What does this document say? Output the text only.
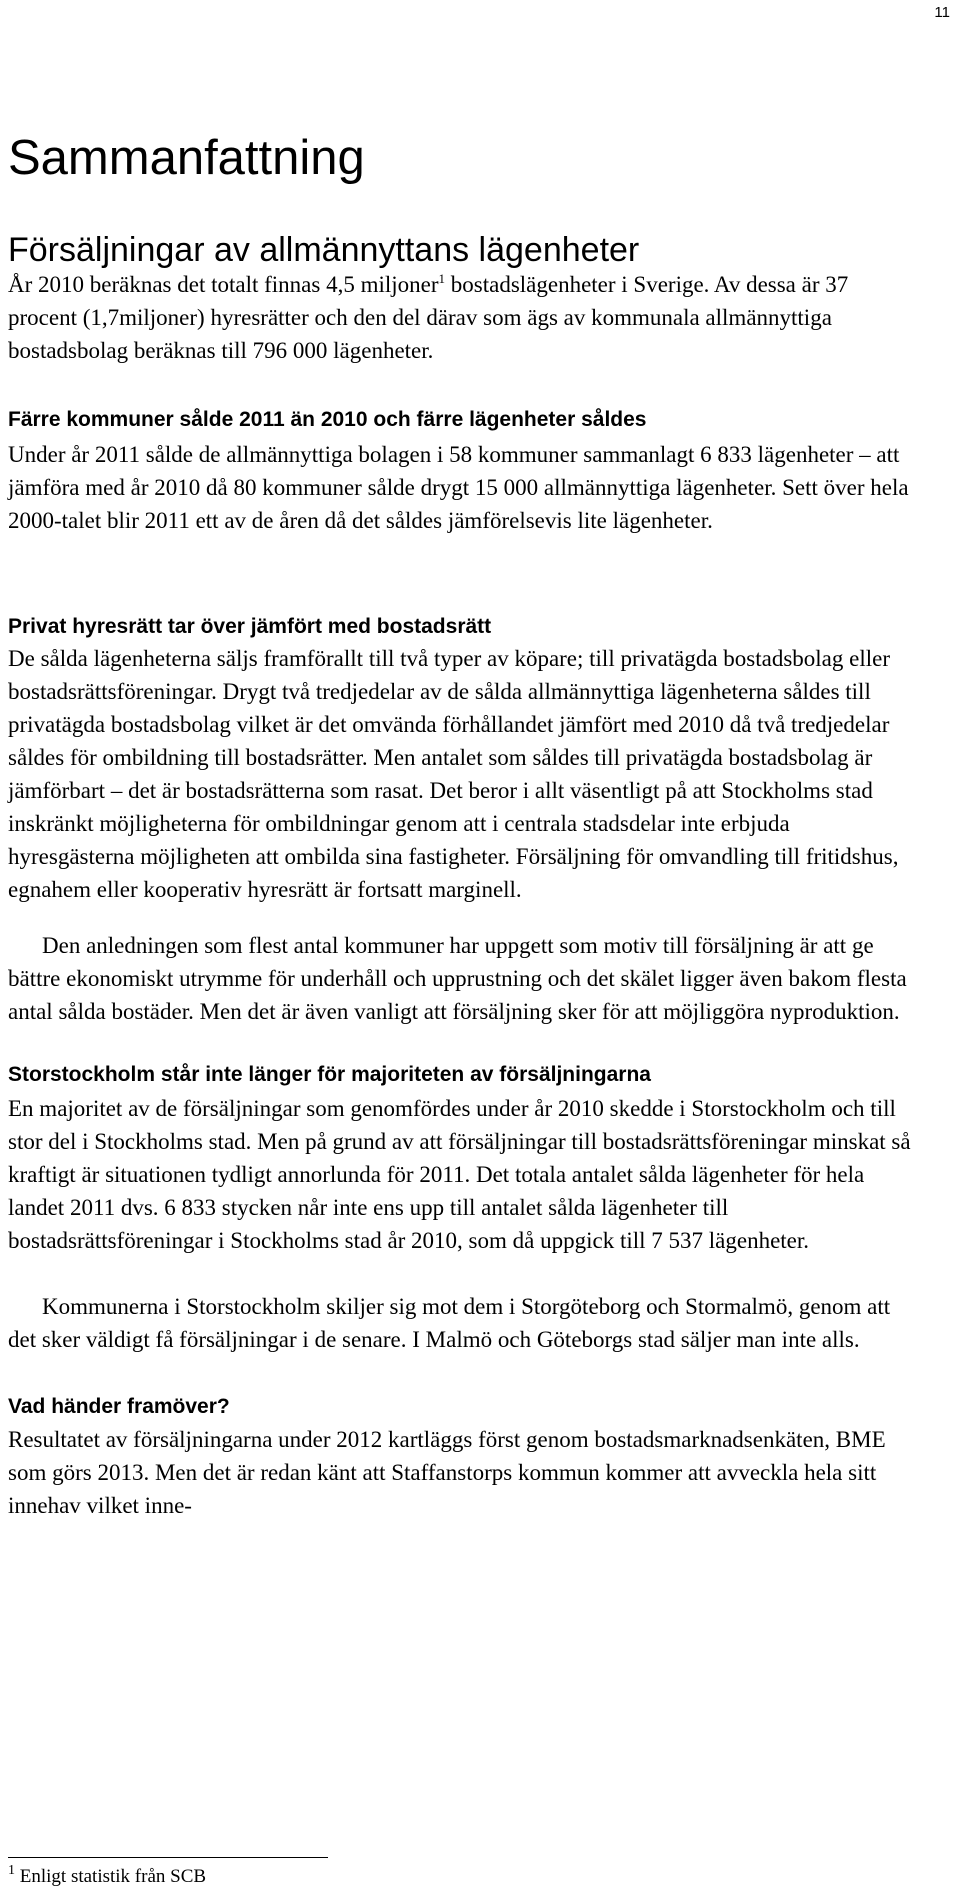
11
Sammanfattning
Försäljningar av allmännyttans lägenheter

År 2010 beräknas det totalt finnas 4,5 miljoner$^1$ bostadslägenheter i Sverige. Av dessa är 37 procent (1,7miljoner) hyresrätter och den del därav som ägs av kommunala allmännyttiga bostadsbolag beräknas till 796 000 lägenheter.

Färre kommuner sålde 2011 än 2010 och färre lägenheter såldes

Under år 2011 sålde de allmännyttiga bolagen i 58 kommuner sammanlagt 6 833 lägenheter – att jämföra med år 2010 då 80 kommuner sålde drygt 15 000 allmännyttiga lägenheter. Sett över hela 2000-talet blir 2011 ett av de åren då det såldes jämförelsevis lite lägenheter.

Privat hyresrätt tar över jämfört med bostadsrätt

De sålda lägenheterna säljs framförallt till två typer av köpare; till privatägda bostadsbolag eller bostadsrättsföreningar. Drygt två tredjedelar av de sålda allmännyttiga lägenheterna såldes till privatägda bostadsbolag vilket är det omvända förhållandet jämfört med 2010 då två tredjedelar såldes för ombildning till bostadsrätter. Men antalet som såldes till privatägda bostadsbolag är jämförbart – det är bostadsrätterna som rasat. Det beror i allt väsentligt på att Stockholms stad inskränkt möjligheterna för ombildningar genom att i centrala stadsdelar inte erbjuda hyresgästerna möjligheten att ombilda sina fastigheter. Försäljning för omvandling till fritidshus, egnahem eller kooperativ hyresrätt är fortsatt marginell.

Den anledningen som flest antal kommuner har uppgett som motiv till försäljning är att ge bättre ekonomiskt utrymme för underhåll och upprustning och det skälet ligger även bakom flesta antal sålda bostäder. Men det är även vanligt att försäljning sker för att möjliggöra nyproduktion.

Storstockholm står inte länger för majoriteten av försäljningarna

En majoritet av de försäljningar som genomfördes under år 2010 skedde i Storstockholm och till stor del i Stockholms stad. Men på grund av att försäljningar till bostadsrättsföreningar minskat så kraftigt är situationen tydligt annorlunda för 2011. Det totala antalet sålda lägenheter för hela landet 2011 dvs. 6 833 stycken når inte ens upp till antalet sålda lägenheter till bostadsrättsföreningar i Stockholms stad år 2010, som då uppgick till 7 537 lägenheter.

Kommunerna i Storstockholm skiljer sig mot dem i Storgöteborg och Stormalmö, genom att det sker väldigt få försäljningar i de senare. I Malmö och Göteborgs stad säljer man inte alls.

Vad händer framöver?

Resultatet av försäljningarna under 2012 kartläggs först genom bostadsmarknadsenkäten, BME som görs 2013. Men det är redan känt att Staffanstorps kommun kommer att avveckla hela sitt innehav vilket inne-

$^1$ Enligt statistik från SCB
